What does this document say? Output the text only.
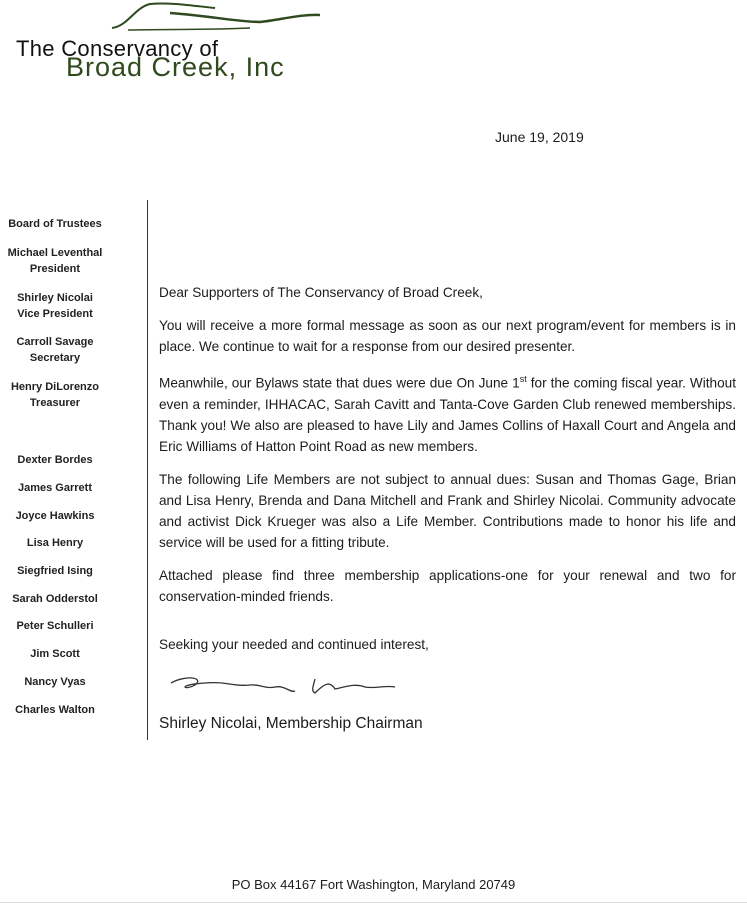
The Conservancy of
Broad Creek, Inc
June 19, 2019
Board of Trustees
Michael Leventhal
President
Shirley Nicolai
Vice President
Carroll Savage
Secretary
Henry DiLorenzo
Treasurer
Dexter Bordes
James Garrett
Joyce Hawkins
Lisa Henry
Siegfried Ising
Sarah Odderstol
Peter Schulleri
Jim Scott
Nancy Vyas
Charles Walton

Dear Supporters of The Conservancy of Broad Creek,

You will receive a more formal message as soon as our next program/event for members is in place. We continue to wait for a response from our desired presenter.

Meanwhile, our Bylaws state that dues were due On June 1st for the coming fiscal year. Without even a reminder, IHHACAC, Sarah Cavitt and Tanta-Cove Garden Club renewed memberships. Thank you! We also are pleased to have Lily and James Collins of Haxall Court and Angela and Eric Williams of Hatton Point Road as new members.

The following Life Members are not subject to annual dues: Susan and Thomas Gage, Brian and Lisa Henry, Brenda and Dana Mitchell and Frank and Shirley Nicolai. Community advocate and activist Dick Krueger was also a Life Member. Contributions made to honor his life and service will be used for a fitting tribute.

Attached please find three membership applications-one for your renewal and two for conservation-minded friends.

Seeking your needed and continued interest,
Shirley Nicolai, Membership Chairman
PO Box 44167 Fort Washington, Maryland 20749
